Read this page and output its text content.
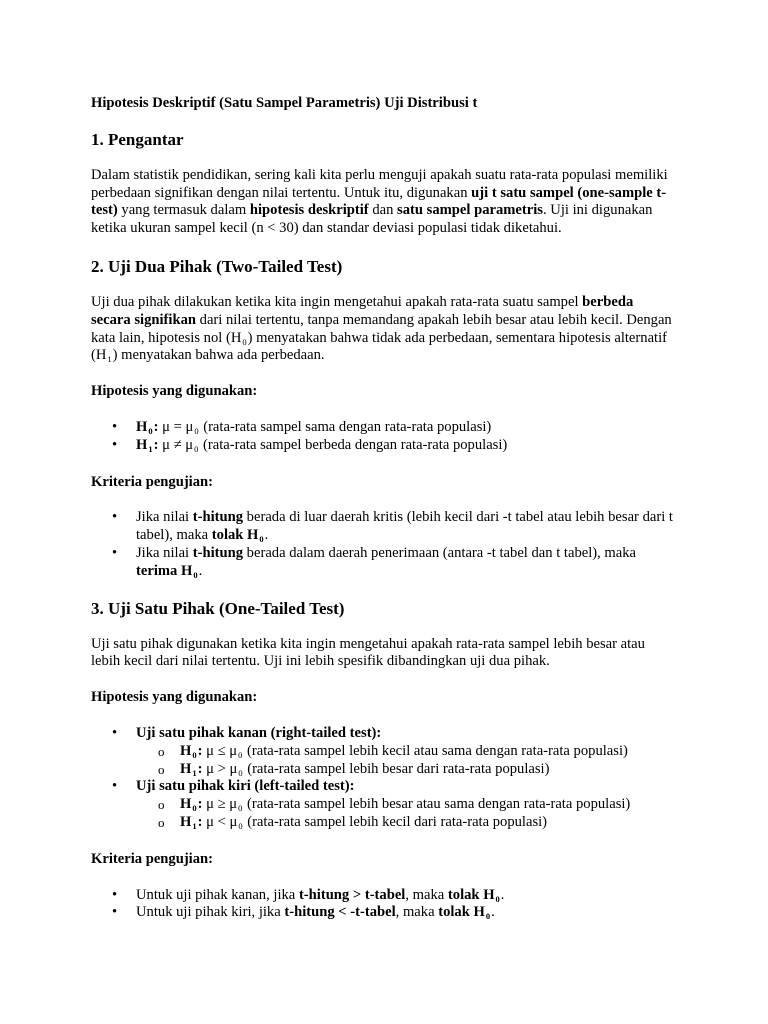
Hipotesis Deskriptif (Satu Sampel Parametris) Uji Distribusi t

1. Pengantar

Dalam statistik pendidikan, sering kali kita perlu menguji apakah suatu rata-rata populasi memiliki perbedaan signifikan dengan nilai tertentu. Untuk itu, digunakan uji t satu sampel (one-sample t-test) yang termasuk dalam hipotesis deskriptif dan satu sampel parametris. Uji ini digunakan ketika ukuran sampel kecil (n < 30) dan standar deviasi populasi tidak diketahui.

2. Uji Dua Pihak (Two-Tailed Test)

Uji dua pihak dilakukan ketika kita ingin mengetahui apakah rata-rata suatu sampel berbeda secara signifikan dari nilai tertentu, tanpa memandang apakah lebih besar atau lebih kecil. Dengan kata lain, hipotesis nol $(H_0)$ menyatakan bahwa tidak ada perbedaan, sementara hipotesis alternatif $(H_1)$ menyatakan bahwa ada perbedaan.

Hipotesis yang digunakan:

• $H_0$: $\mu = \mu_0$ (rata-rata sampel sama dengan rata-rata populasi)
• $H_1$: $\mu \ne \mu_0$ (rata-rata sampel berbeda dengan rata-rata populasi)

Kriteria pengujian:

• Jika nilai t-hitung berada di luar daerah kritis (lebih kecil dari -t tabel atau lebih besar dari t tabel), maka tolak $H_0$.
• Jika nilai t-hitung berada dalam daerah penerimaan (antara -t tabel dan t tabel), maka terima $H_0$.
3. Uji Satu Pihak (One-Tailed Test)

Uji satu pihak digunakan ketika kita ingin mengetahui apakah rata-rata sampel lebih besar atau lebih kecil dari nilai tertentu. Uji ini lebih spesifik dibandingkan uji dua pihak.

Hipotesis yang digunakan:

• Uji satu pihak kanan (right-tailed test):
o $H_0$: $\mu \le \mu_0$ (rata-rata sampel lebih kecil atau sama dengan rata-rata populasi)
o $H_1$: $\mu > \mu_0$ (rata-rata sampel lebih besar dari rata-rata populasi)
• Uji satu pihak kiri (left-tailed test):
o $H_0$: $\mu \ge \mu_0$ (rata-rata sampel lebih besar atau sama dengan rata-rata populasi)
o $H_1$: $\mu < \mu_0$ (rata-rata sampel lebih kecil dari rata-rata populasi)

Kriteria pengujian:

• Untuk uji pihak kanan, jika t-hitung > t-tabel, maka tolak $H_0$.
• Untuk uji pihak kiri, jika t-hitung < -t-tabel, maka tolak $H_0$.
